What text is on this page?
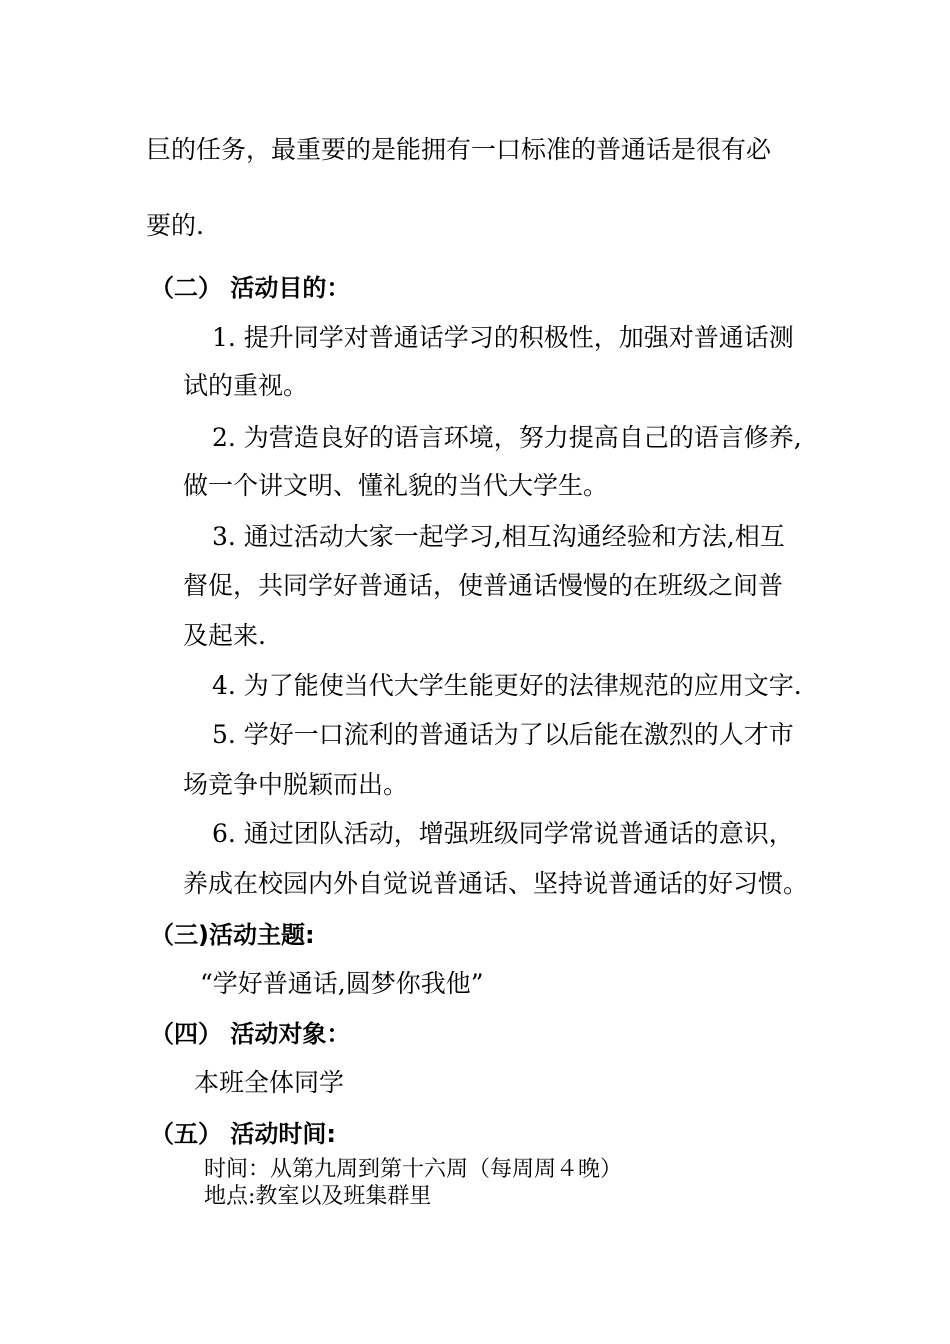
巨的任务，最重要的是能拥有一口标准的普通话是很有必
要的.
（二） 活动目的：
1. 提升同学对普通话学习的积极性，加强对普通话测
试的重视。
2. 为营造良好的语言环境，努力提高自己的语言修养,
做一个讲文明、懂礼貌的当代大学生。
3. 通过活动大家一起学习,相互沟通经验和方法,相互
督促，共同学好普通话，使普通话慢慢的在班级之间普
及起来.
4. 为了能使当代大学生能更好的法律规范的应用文字.
5. 学好一口流利的普通话为了以后能在激烈的人才市
场竞争中脱颖而出。
6. 通过团队活动，增强班级同学常说普通话的意识，
养成在校园内外自觉说普通话、坚持说普通话的好习惯。
（三)活动主题:
“学好普通话,圆梦你我他”
（四） 活动对象：
本班全体同学
（五） 活动时间:
时间：从第九周到第十六周（每周周４晚）
地点:教室以及班集群里
